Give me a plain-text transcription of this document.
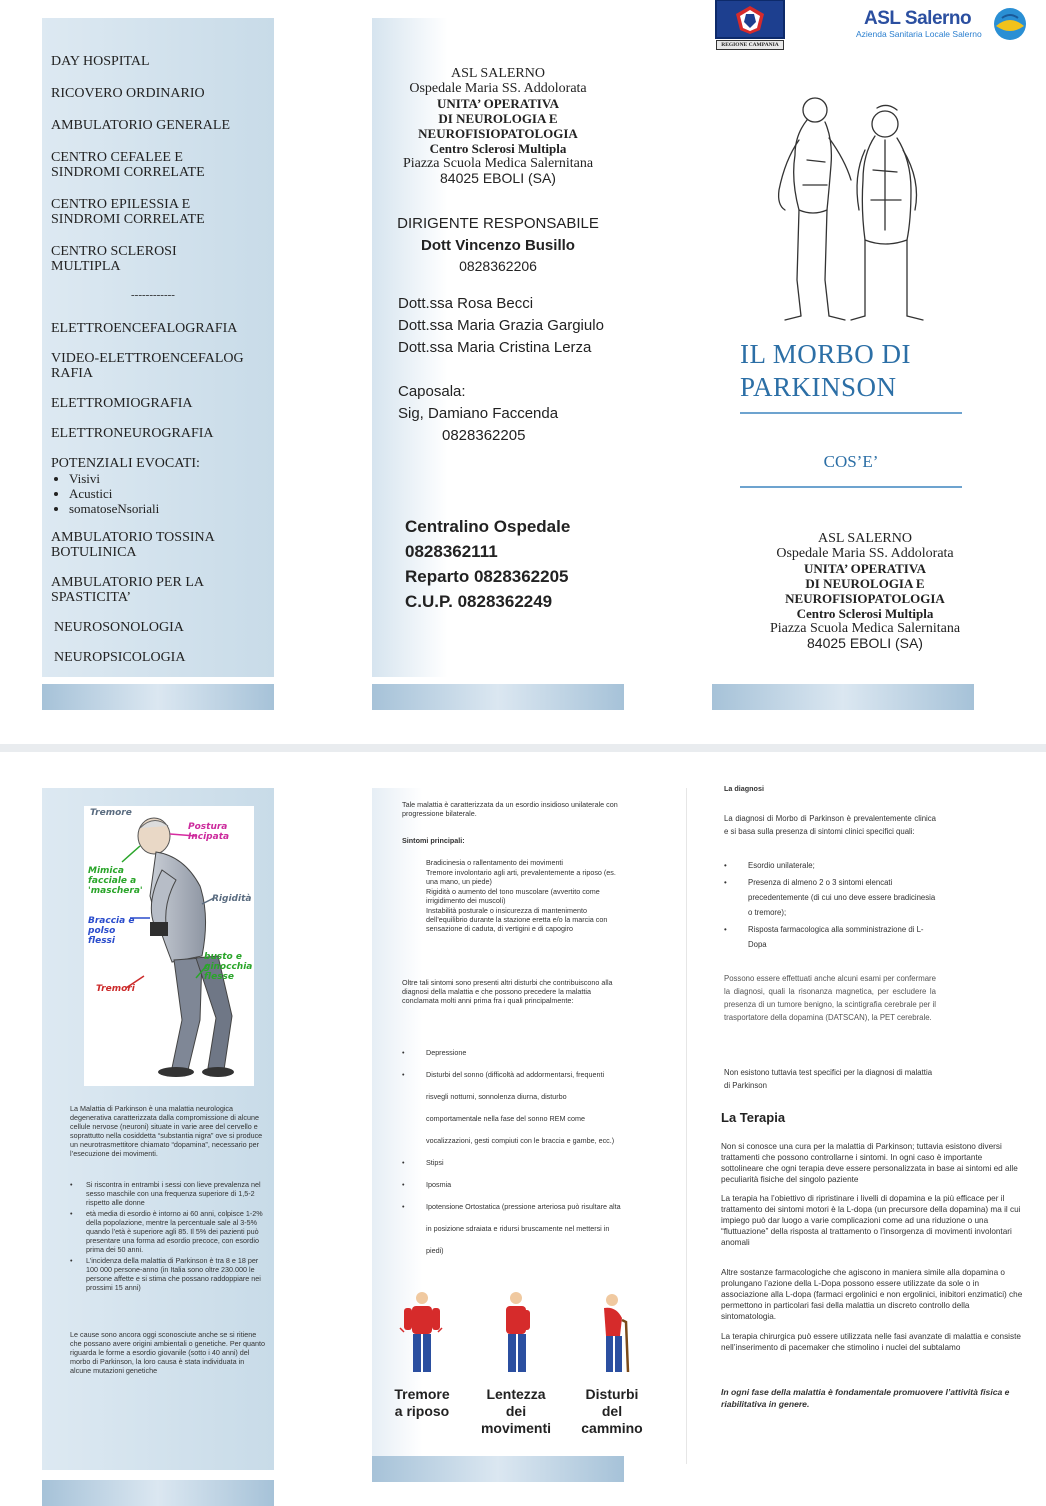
DAY HOSPITAL
RICOVERO ORDINARIO
AMBULATORIO GENERALE
CENTRO CEFALEE E SINDROMI CORRELATE
CENTRO EPILESSIA E SINDROMI CORRELATE
CENTRO SCLEROSI MULTIPLA
------------
ELETTROENCEFALOGRAFIA
VIDEO-ELETTROENCEFALOGRAFIA
ELETTROMIOGRAFIA
ELETTRONEUROGRAFIA
POTENZIALI EVOCATI:
• Visivi
• Acustici
• somatoseNsoriali
AMBULATORIO TOSSINA BOTULINICA
AMBULATORIO PER LA SPASTICITA’
NEUROSONOLOGIA
NEUROPSICOLOGIA
ASL SALERNO
Ospedale Maria SS. Addolorata
UNITA’ OPERATIVA
DI NEUROLOGIA E
NEUROFISIOPATOLOGIA
Centro Sclerosi Multipla
Piazza Scuola Medica Salernitana
84025 EBOLI (SA)
DIRIGENTE RESPONSABILE
Dott Vincenzo Busillo
0828362206
Dott.ssa Rosa Becci
Dott.ssa Maria Grazia Gargiulo
Dott.ssa Maria Cristina Lerza
Caposala:
Sig, Damiano Faccenda
0828362205
Centralino Ospedale
0828362111
Reparto 0828362205
C.U.P. 0828362249
REGIONE CAMPANIA
ASL Salerno
Azienda Sanitaria Locale Salerno
IL MORBO DI
PARKINSON
COS’E’
ASL SALERNO
Ospedale Maria SS. Addolorata
UNITA’ OPERATIVA
DI NEUROLOGIA E
NEUROFISIOPATOLOGIA
Centro Sclerosi Multipla
Piazza Scuola Medica Salernitana
84025 EBOLI (SA)
Tremore
Postura Incipata
Mimica facciale a 'maschera'
Rigidità
Braccia e polso flessi
busto e ginocchia flesse
Tremori
La Malattia di Parkinson è una malattia neurologica degenerativa caratterizzata dalla compromissione di alcune cellule nervose (neuroni) situate in varie aree del cervello e soprattutto nella cosiddetta “substantia nigra” ove si produce un neurotrasmettitore chiamato “dopamina”, necessario per l’esecuzione dei movimenti.
•	Si riscontra in entrambi i sessi con lieve prevalenza nel sesso maschile con una frequenza superiore di 1,5-2 rispetto alle donne
•	età media di esordio è intorno ai 60 anni, colpisce 1-2% della popolazione, mentre la percentuale sale al 3-5% quando l’età è superiore agli 85. Il 5% dei pazienti può presentare una forma ad esordio precoce, con esordio prima dei 50 anni.
•	L’incidenza della malattia di Parkinson è tra 8 e 18 per 100 000 persone-anno (in Italia sono oltre 230.000 le persone affette e si stima che possano raddoppiare nei prossimi 15 anni)
Le cause sono ancora oggi sconosciute anche se si ritiene che possano avere origini ambientali o genetiche. Per quanto riguarda le forme a esordio giovanile (sotto i 40 anni) del morbo di Parkinson, la loro causa è stata individuata in alcune mutazioni genetiche
Tale malattia è caratterizzata da un esordio insidioso unilaterale con progressione bilaterale.
Sintomi principali:
Bradicinesia o rallentamento dei movimenti
Tremore involontario agli arti, prevalentemente a riposo (es. una mano, un piede)
Rigidità o aumento del tono muscolare (avvertito come irrigidimento dei muscoli)
Instabilità posturale o insicurezza di mantenimento dell’equilibrio durante la stazione eretta e/o la marcia con sensazione di caduta, di vertigini e di capogiro
Oltre tali sintomi sono presenti altri disturbi che contribuiscono alla diagnosi della malattia e che possono precedere la malattia conclamata molti anni prima fra i quali principalmente:
•	Depressione
•	Disturbi del sonno (difficoltà ad addormentarsi, frequenti risvegli notturni, sonnolenza diurna, disturbo comportamentale nella fase del sonno REM come vocalizzazioni, gesti compiuti con le braccia e gambe, ecc.)
•	Stipsi
•	Iposmia
•	Ipotensione Ortostatica (pressione arteriosa può risultare alta in posizione sdraiata e ridursi bruscamente nel mettersi in piedi)
Tremore
a riposo
Lentezza
dei
movimenti
Disturbi
del
cammino
La diagnosi
La diagnosi di Morbo di Parkinson è prevalentemente clinica e si basa sulla presenza di sintomi clinici specifici quali:
•	Esordio unilaterale;
•	Presenza di almeno 2 o 3 sintomi elencati precedentemente (di cui uno deve essere bradicinesia o tremore);
•	Risposta farmacologica alla somministrazione di L-Dopa
Possono essere effettuati anche alcuni esami per confermare la diagnosi, quali la risonanza magnetica, per escludere la presenza di un tumore benigno, la scintigrafia cerebrale per il trasportatore della dopamina (DATSCAN), la PET cerebrale.
Non esistono tuttavia test specifici per la diagnosi di malattia di Parkinson
La Terapia
Non si conosce una cura per la malattia di Parkinson; tuttavia esistono diversi trattamenti che possono controllarne i sintomi. In ogni caso è importante sottolineare che ogni terapia deve essere personalizzata in base ai sintomi ed alle peculiarità fisiche del singolo paziente
La terapia ha l’obiettivo di ripristinare i livelli di dopamina e la più efficace per il trattamento dei sintomi motori è la L-dopa (un precursore della dopamina) ma il cui impiego può dar luogo a varie complicazioni come ad una riduzione o una “fluttuazione” della risposta al trattamento o l’insorgenza di movimenti involontari anomali
Altre sostanze farmacologiche che agiscono in maniera simile alla dopamina o prolungano l’azione della L-Dopa possono essere utilizzate da sole o in associazione alla L-dopa (farmaci ergolinici e non ergolinici, inibitori enzimatici) che permettono in particolari fasi della malattia un discreto controllo della sintomatologia.
La terapia chirurgica può essere utilizzata nelle fasi avanzate di malattia e consiste nell’inserimento di pacemaker che stimolino i nuclei del subtalamo
In ogni fase della malattia è fondamentale promuovere l’attività fisica e riabilitativa in genere.
